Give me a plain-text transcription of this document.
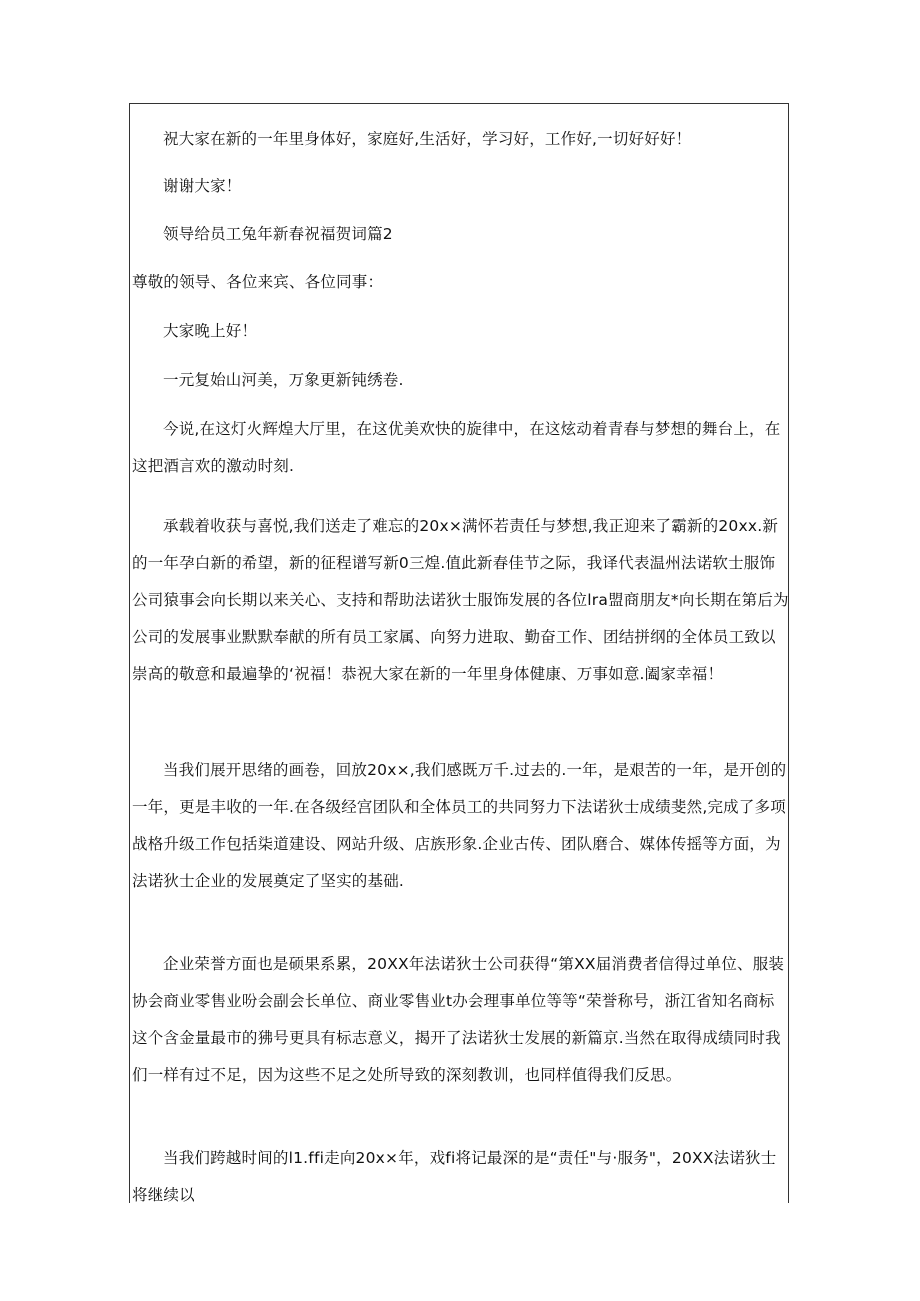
祝大家在新的一年里身体好，家庭好,生活好，学习好，工作好,一切好好好！

谢谢大家！

领导给员工兔年新春祝福贺词篇2

尊敬的领导、各位来宾、各位同事：

大家晚上好！

一元复始山河美，万象更新钝绣卷.

今说,在这灯火辉煌大厅里，在这优美欢快的旋律中，在这炫动着青春与梦想的舞台上，在这把酒言欢的激动时刻.

承载着收获与喜悦,我们送走了难忘的20x×满怀若责任与梦想,我正迎来了霸新的20xx.新的一年孕白新的希望，新的征程谱写新0三煌.值此新春佳节之际，我译代表温州法诺软士服饰公司猿事会向长期以来关心、支持和帮助法诺狄士服饰发展的各位lra盟商朋友*向长期在第后为公司的发展事业默默奉献的所有员工家属、向努力进取、勤奋工作、团结拼纲的全体员工致以崇高的敬意和最遍挚的‘祝福！恭祝大家在新的一年里身体健康、万事如意.阖家幸福！

当我们展开思绪的画卷，回放20x×,我们感既万千.过去的.一年，是艰苦的一年，是开创的一年，更是丰收的一年.在各级经宫团队和全体员工的共同努力下法诺狄士成绩斐然,完成了多项战格升级工作包括柒道建设、网站升级、店族形象.企业古传、团队磨合、媒体传摇等方面，为法诺狄士企业的发展奠定了坚实的基础.

企业荣誉方面也是硕果系累，20XX年法诺狄士公司获得“第XX届消费者信得过单位、服装协会商业零售业吩会副会长单位、商业零售业t办会理事单位等等“荣誉称号，浙江省知名商标这个含金量最市的狒号更具有标志意义，揭开了法诺狄士发展的新篇京.当然在取得成绩同时我们一样有过不足，因为这些不足之处所导致的深刻教训，也同样值得我们反思。

当我们跨越时间的l1.ffi走向20x×年，戏fi将记最深的是“责任"与·服务"，20XX法诺狄士将继续以
